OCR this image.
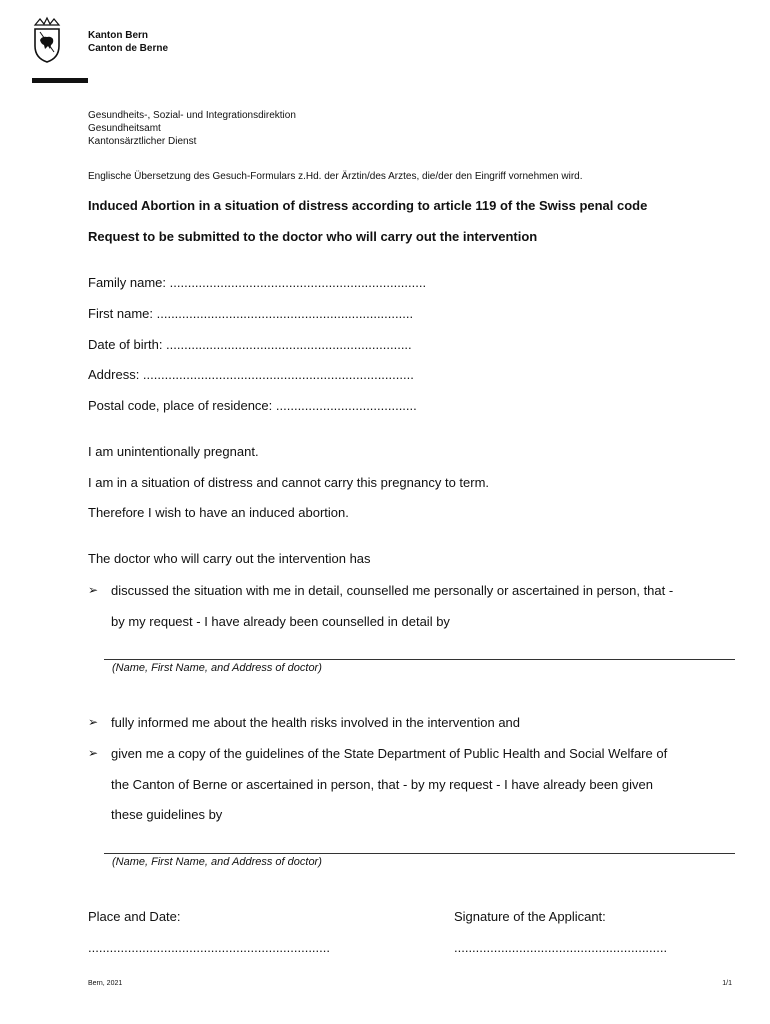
Kanton Bern
Canton de Berne
Gesundheits-, Sozial- und Integrationsdirektion
Gesundheitsamt
Kantonsärztlicher Dienst
Englische Übersetzung des Gesuch-Formulars z.Hd. der Ärztin/des Arztes, die/der den Eingriff vornehmen wird.
Induced Abortion in a situation of distress according to article 119 of the Swiss penal code
Request to be submitted to the doctor who will carry out the intervention
Family name: .......................................................................
First name: .......................................................................
Date of birth: ....................................................................
Address: ...........................................................................
Postal code, place of residence: .......................................
I am unintentionally pregnant.
I am in a situation of distress and cannot carry this pregnancy to term.
Therefore I wish to have an induced abortion.
The doctor who will carry out the intervention has
➢ discussed the situation with me in detail, counselled me personally or ascertained in person, that -
by my request - I have already been counselled in detail by
(Name, First Name, and Address of doctor)
➢ fully informed me about the health risks involved in the intervention and
➢ given me a copy of the guidelines of the State Department of Public Health and Social Welfare of
the Canton of Berne or ascertained in person, that - by my request - I have already been given
these guidelines by
(Name, First Name, and Address of doctor)
Place and Date:	Signature of the Applicant:
...................................................................	...........................................................
Bern, 2021	1/1
